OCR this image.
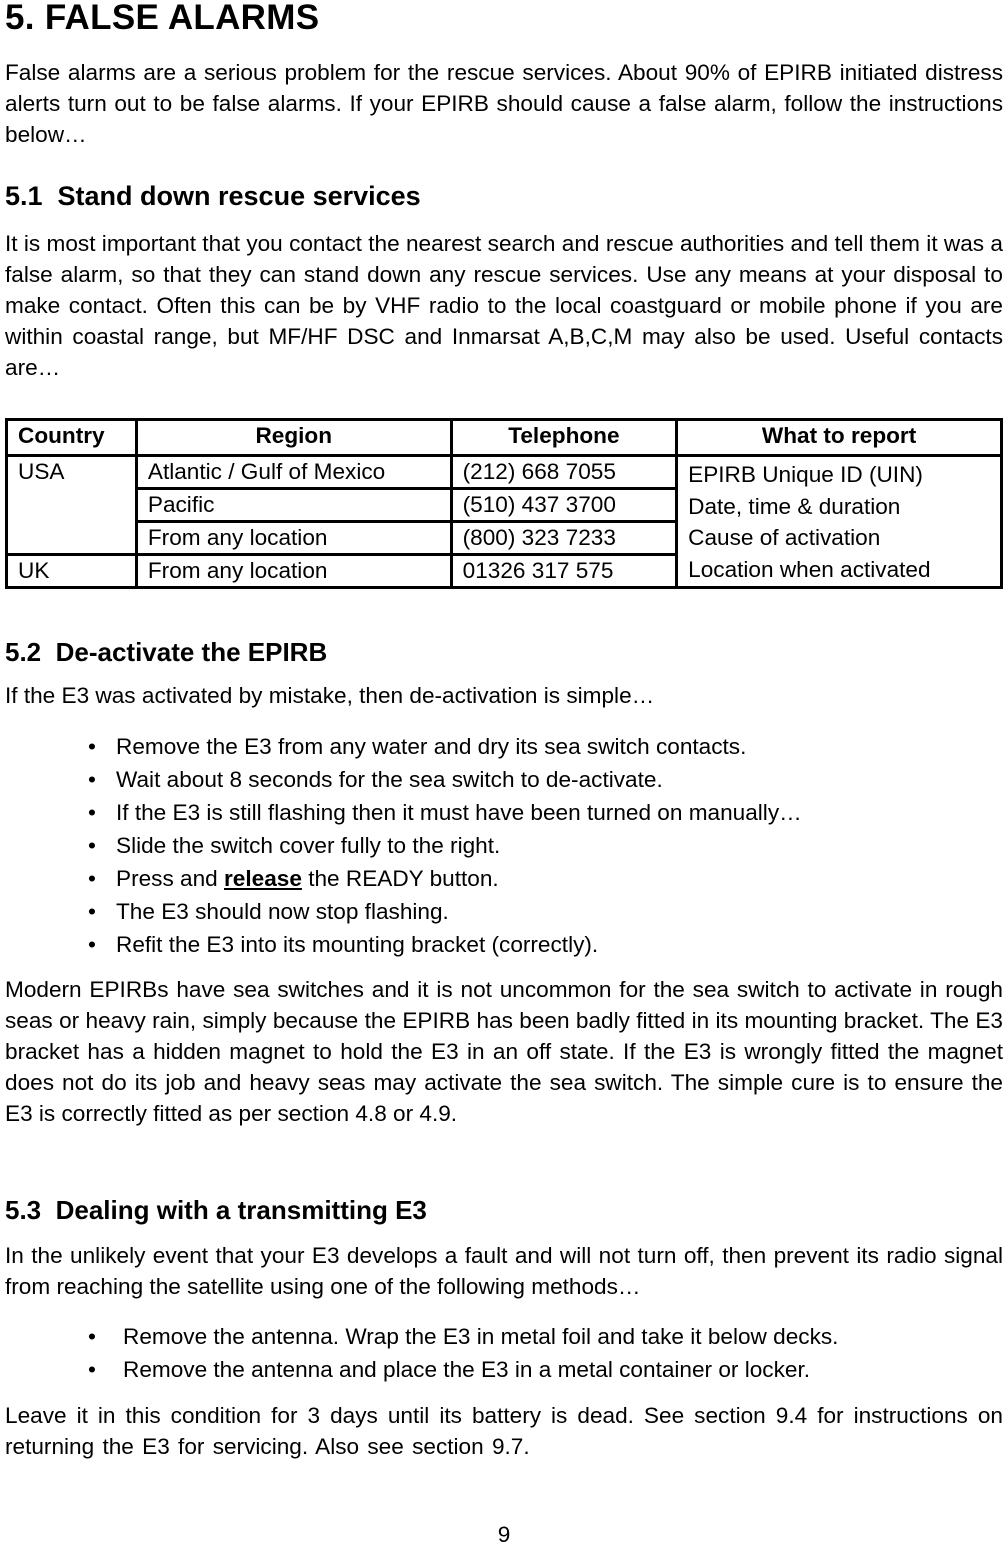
5. FALSE ALARMS

False alarms are a serious problem for the rescue services. About 90% of EPIRB initiated distress alerts turn out to be false alarms. If your EPIRB should cause a false alarm, follow the instructions below…

5.1  Stand down rescue services

It is most important that you contact the nearest search and rescue authorities and tell them it was a false alarm, so that they can stand down any rescue services. Use any means at your disposal to make contact. Often this can be by VHF radio to the local coastguard or mobile phone if you are within coastal range, but MF/HF DSC and Inmarsat A,B,C,M may also be used. Useful contacts are…

Country	Region	Telephone	What to report
USA	Atlantic / Gulf of Mexico	(212) 668 7055	EPIRB Unique ID (UIN)
Date, time & duration
Cause of activation
Location when activated

	Pacific	(510) 437 3700	
	From any location	(800) 323 7233	
UK	From any location	01326 317 575	
5.2  De-activate the EPIRB

If the E3 was activated by mistake, then de-activation is simple…

• Remove the E3 from any water and dry its sea switch contacts.
• Wait about 8 seconds for the sea switch to de-activate.
• If the E3 is still flashing then it must have been turned on manually…
• Slide the switch cover fully to the right.
• Press and release the READY button.
• The E3 should now stop flashing.
• Refit the E3 into its mounting bracket (correctly).

Modern EPIRBs have sea switches and it is not uncommon for the sea switch to activate in rough seas or heavy rain, simply because the EPIRB has been badly fitted in its mounting bracket. The E3 bracket has a hidden magnet to hold the E3 in an off state. If the E3 is wrongly fitted the magnet does not do its job and heavy seas may activate the sea switch. The simple cure is to ensure the E3 is correctly fitted as per section 4.8 or 4.9.

5.3  Dealing with a transmitting E3

In the unlikely event that your E3 develops a fault and will not turn off, then prevent its radio signal from reaching the satellite using one of the following methods…

• Remove the antenna. Wrap the E3 in metal foil and take it below decks.
• Remove the antenna and place the E3 in a metal container or locker.

Leave it in this condition for 3 days until its battery is dead. See section 9.4 for instructions on returning the E3 for servicing. Also see section 9.7.

9
